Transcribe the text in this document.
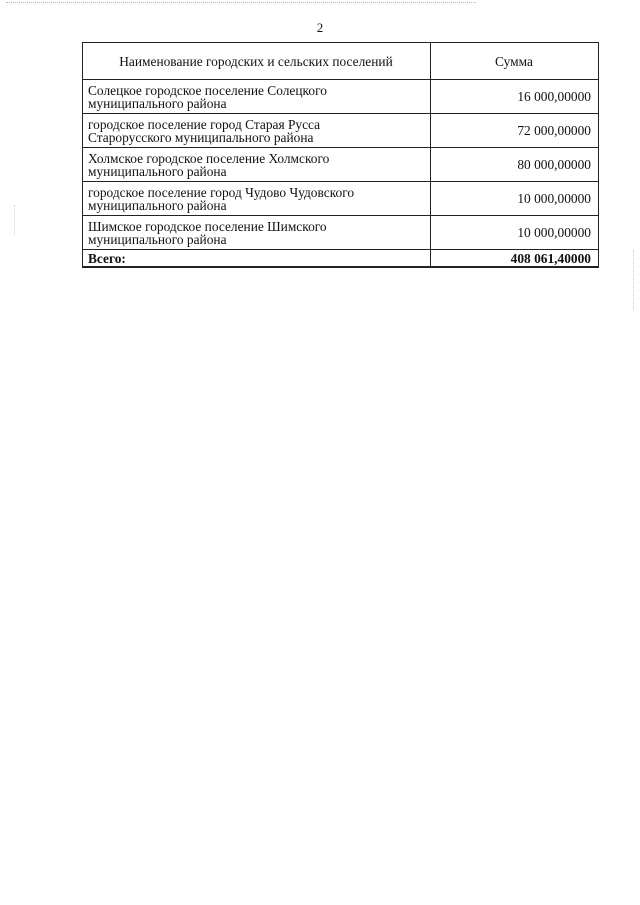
2
Наименование городских и сельских поселений	Сумма
Солецкое городское поселение Солецкого
муниципального района	16 000,00000
городское поселение город Старая Русса
Старорусского муниципального района	72 000,00000
Холмское городское поселение Холмского
муниципального района	80 000,00000
городское поселение город Чудово Чудовского
муниципального района	10 000,00000
Шимское городское поселение Шимского
муниципального района	10 000,00000
Всего:	408 061,40000
